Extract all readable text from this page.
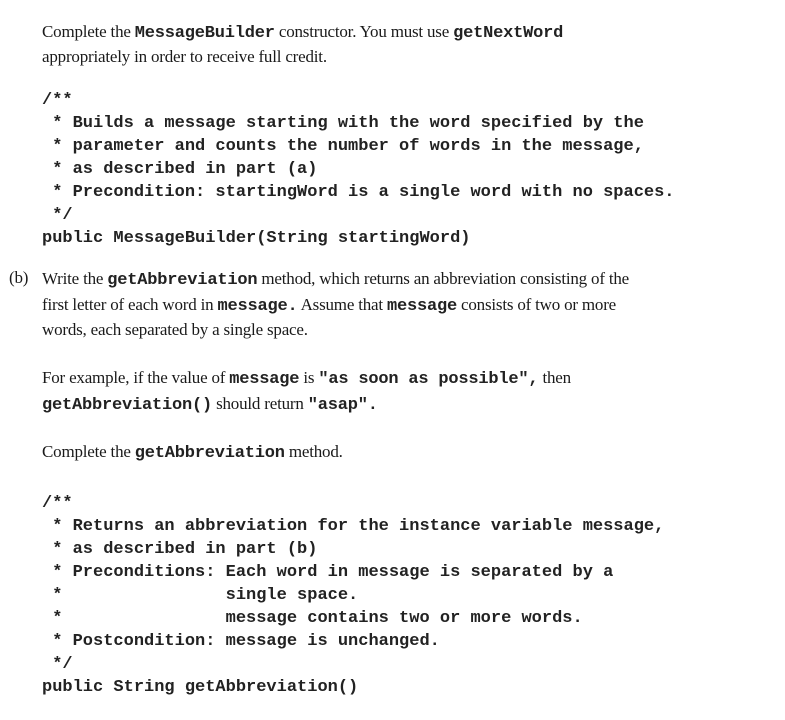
Complete the MessageBuilder constructor. You must use getNextWord
appropriately in order to receive full credit.
/**
* Builds a message starting with the word specified by the
* parameter and counts the number of words in the message,
* as described in part (a)
* Precondition: startingWord is a single word with no spaces.
*/
public MessageBuilder(String startingWord)
(b) Write the getAbbreviation method, which returns an abbreviation consisting of the
first letter of each word in message. Assume that message consists of two or more
words, each separated by a single space.
For example, if the value of message is "as soon as possible", then
getAbbreviation() should return "asap".
Complete the getAbbreviation method.
/**
* Returns an abbreviation for the instance variable message,
* as described in part (b)
* Preconditions: Each word in message is separated by a
*                single space.
*                message contains two or more words.
* Postcondition: message is unchanged.
*/
public String getAbbreviation()
